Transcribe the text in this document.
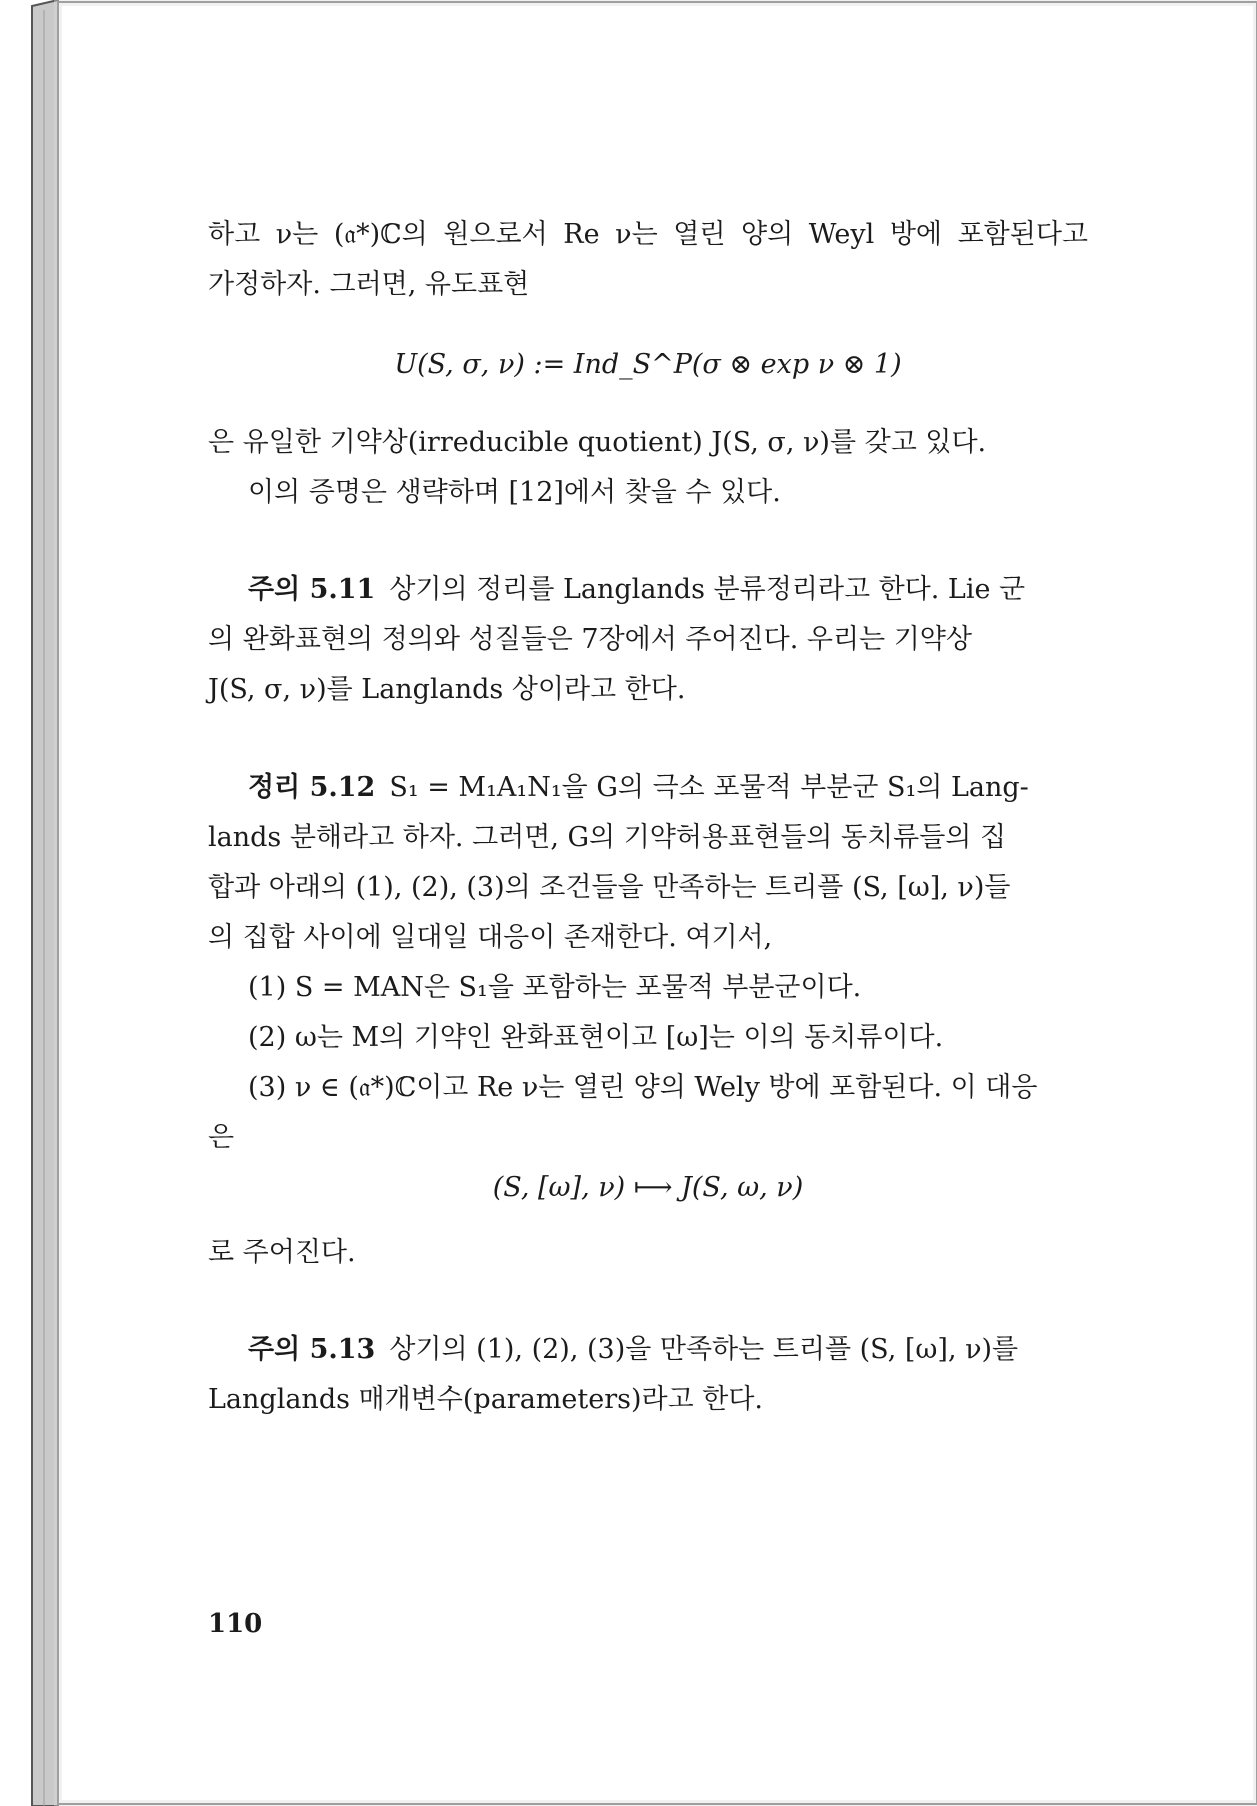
하고 ν는 (𝔞*)ℂ의 원으로서 Re ν는 열린 양의 Weyl 방에 포함된다고
가정하자. 그러면, 유도표현
U(S, σ, ν) := Ind_S^P(σ ⊗ exp ν ⊗ 1)
은 유일한 기약상(irreducible quotient) J(S, σ, ν)를 갖고 있다.
이의 증명은 생략하며 [12]에서 찾을 수 있다.
주의 5.11 상기의 정리를 Langlands 분류정리라고 한다. Lie 군
의 완화표현의 정의와 성질들은 7장에서 주어진다. 우리는 기약상
J(S, σ, ν)를 Langlands 상이라고 한다.
정리 5.12 S₁ = M₁A₁N₁을 G의 극소 포물적 부분군 S₁의 Lang-
lands 분해라고 하자. 그러면, G의 기약허용표현들의 동치류들의 집
합과 아래의 (1), (2), (3)의 조건들을 만족하는 트리플 (S, [ω], ν)들
의 집합 사이에 일대일 대응이 존재한다. 여기서,
(1) S = MAN은 S₁을 포함하는 포물적 부분군이다.
(2) ω는 M의 기약인 완화표현이고 [ω]는 이의 동치류이다.
(3) ν ∈ (𝔞*)ℂ이고 Re ν는 열린 양의 Wely 방에 포함된다. 이 대응
은
(S, [ω], ν) ⟼ J(S, ω, ν)
로 주어진다.
주의 5.13 상기의 (1), (2), (3)을 만족하는 트리플 (S, [ω], ν)를
Langlands 매개변수(parameters)라고 한다.
110
